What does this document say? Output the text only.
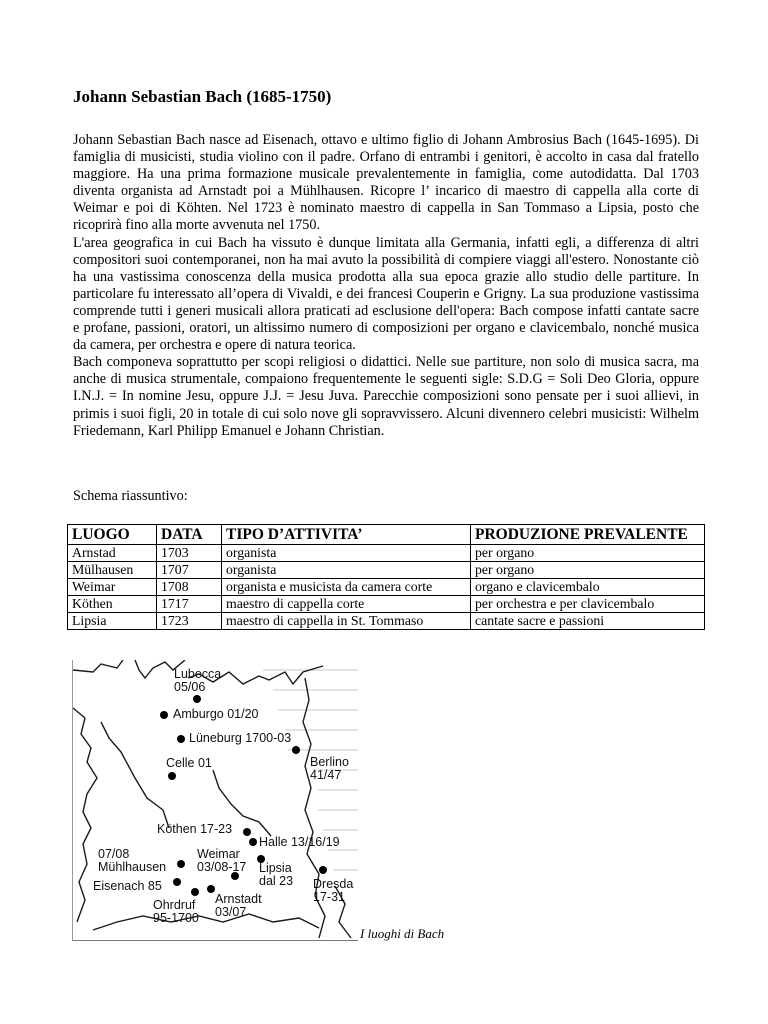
Johann Sebastian Bach (1685-1750)

Johann Sebastian Bach nasce ad Eisenach, ottavo e ultimo figlio di Johann Ambrosius Bach (1645-1695). Di famiglia di musicisti, studia violino con il padre. Orfano di entrambi i genitori, è accolto in casa dal fratello maggiore. Ha una prima formazione musicale prevalentemente in famiglia, come autodidatta. Dal 1703 diventa organista ad Arnstadt poi a Mühlhausen. Ricopre l’ incarico di maestro di cappella alla corte di Weimar e poi di Köhten. Nel 1723 è nominato maestro di cappella in San Tommaso a Lipsia, posto che ricoprirà fino alla morte avvenuta nel 1750.

L'area geografica in cui Bach ha vissuto è dunque limitata alla Germania, infatti egli, a differenza di altri compositori suoi contemporanei, non ha mai avuto la possibilità di compiere viaggi all'estero. Nonostante ciò ha una vastissima conoscenza della musica prodotta alla sua epoca grazie allo studio delle partiture. In particolare fu interessato all’opera di Vivaldi, e dei francesi Couperin e Grigny. La sua produzione vastissima comprende tutti i generi musicali allora praticati ad esclusione dell'opera: Bach compose infatti cantate sacre e profane, passioni, oratori, un altissimo numero di composizioni per organo e clavicembalo, nonché musica da camera, per orchestra e opere di natura teorica.

Bach componeva soprattutto per scopi religiosi o didattici. Nelle sue partiture, non solo di musica sacra, ma anche di musica strumentale, compaiono frequentemente le seguenti sigle: S.D.G = Soli Deo Gloria, oppure I.N.J. = In nomine Jesu, oppure J.J. = Jesu Juva. Parecchie composizioni sono pensate per i suoi allievi, in primis i suoi figli, 20 in totale di cui solo nove gli sopravvissero. Alcuni divennero celebri musicisti: Wilhelm Friedemann, Karl Philipp Emanuel e Johann Christian.

Schema riassuntivo:
LUOGO	DATA	TIPO D’ATTIVITA’	PRODUZIONE PREVALENTE
Arnstad	1703	organista	per organo
Mülhausen	1707	organista	per organo
Weimar	1708	organista e musicista da camera corte	organo e clavicembalo
Köthen	1717	maestro di cappella corte	per orchestra e per clavicembalo
Lipsia	1723	maestro di cappella in St. Tommaso	cantate sacre e passioni
Lubecca
05/06
Amburgo 01/20
Lüneburg 1700-03
Celle 01	Berlino
41/47
Köthen 17-23
Halle 13/16/19
07/08
Mühlhausen
Weimar
03/08-17 Lipsia
dal 23
Eisenach 85	Dresda
17-31
Arnstadt
03/07
Ohrdruf
95-1700
I luoghi di Bach
